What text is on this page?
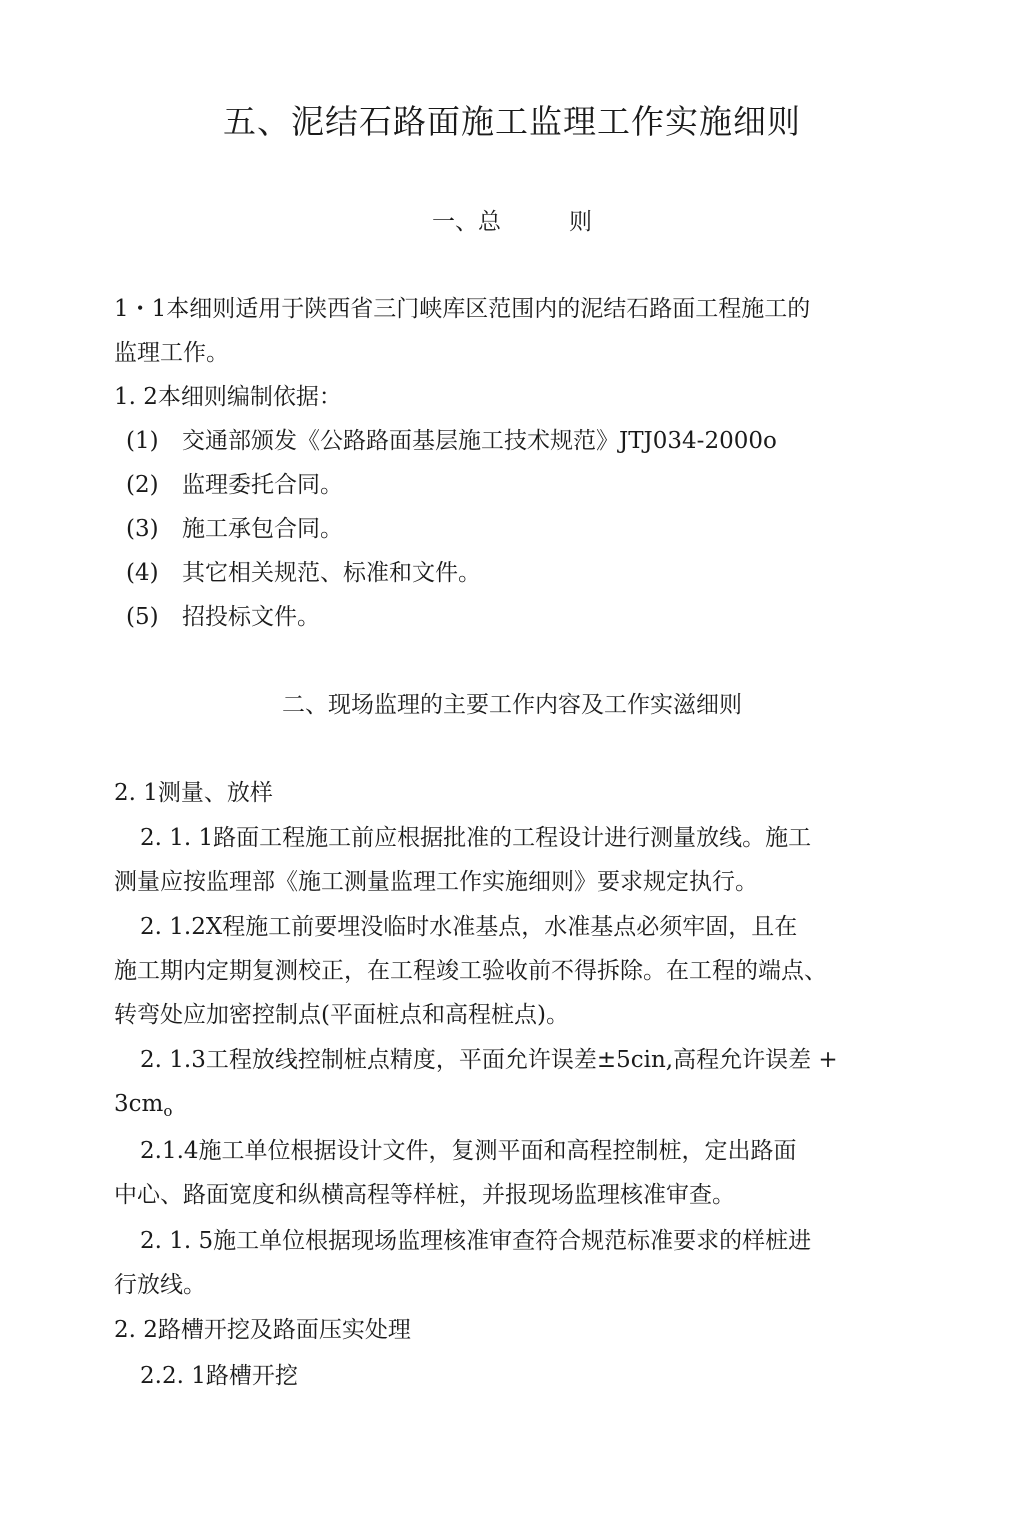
五、泥结石路面施工监理工作实施细则
一、总	则
1・1本细则适用于陕西省三门峡库区范围内的泥结石路面工程施工的
监理工作。
1. 2本细则编制依据：
(1) 交通部颁发《公路路面基层施工技术规范》JTJ034-2000o
(2) 监理委托合同。
(3) 施工承包合同。
(4) 其它相关规范、标准和文件。
(5) 招投标文件。
二、现场监理的主要工作内容及工作实滋细则
2. 1测量、放样
2. 1. 1路面工程施工前应根据批准的工程设计进行测量放线。施工
测量应按监理部《施工测量监理工作实施细则》要求规定执行。
2. 1.2X程施工前要埋没临时水准基点，水准基点必须牢固，且在
施工期内定期复测校正，在工程竣工验收前不得拆除。在工程的端点、
转弯处应加密控制点(平面桩点和高程桩点)。
2. 1.3工程放线控制桩点精度，平面允许误差±5cin,高程允许误差 +
$3cm_o$
2.1.4施工单位根据设计文件，复测平面和高程控制桩，定出路面
中心、路面宽度和纵横高程等样桩，并报现场监理核准审查。
2. 1. 5施工单位根据现场监理核准审查符合规范标准要求的样桩进
行放线。
2. 2路槽开挖及路面压实处理
2.2. 1路槽开挖
